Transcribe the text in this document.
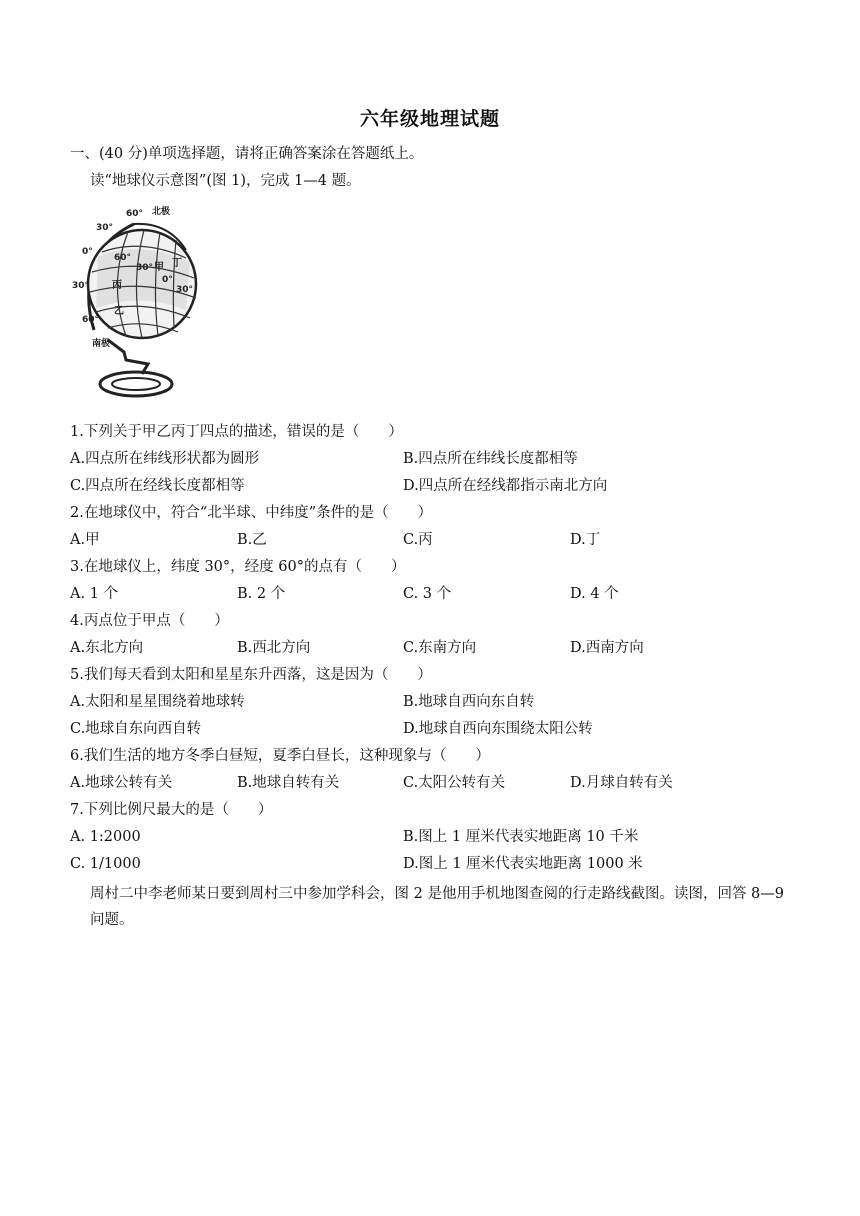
六年级地理试题
一、(40 分)单项选择题，请将正确答案涂在答题纸上。
读“地球仪示意图”(图 1)，完成 1—4 题。
60° 北极
30°
0°
60°
30° 甲 丁
0°
30° 丙	30°
乙
60°
南极
1.下列关于甲乙丙丁四点的描述，错误的是（　　）
A.四点所在纬线形状都为圆形	B.四点所在纬线长度都相等
C.四点所在经线长度都相等	D.四点所在经线都指示南北方向
2.在地球仪中，符合“北半球、中纬度”条件的是（　　）
A.甲	B.乙	C.丙	D.丁
3.在地球仪上，纬度 30°，经度 60°的点有（　　）
A. 1 个	B. 2 个	C. 3 个	D. 4 个
4.丙点位于甲点（　　）
A.东北方向	B.西北方向	C.东南方向	D.西南方向
5.我们每天看到太阳和星星东升西落，这是因为（　　）
A.太阳和星星围绕着地球转	B.地球自西向东自转
C.地球自东向西自转	D.地球自西向东围绕太阳公转
6.我们生活的地方冬季白昼短，夏季白昼长，这种现象与（　　）
A.地球公转有关	B.地球自转有关	C.太阳公转有关	D.月球自转有关
7.下列比例尺最大的是（　　）
A. 1:2000	B.图上 1 厘米代表实地距离 10 千米
C. 1/1000	D.图上 1 厘米代表实地距离 1000 米
周村二中李老师某日要到周村三中参加学科会，图 2 是他用手机地图查阅的行走路线截图。读图，回答 8—9 问题。
